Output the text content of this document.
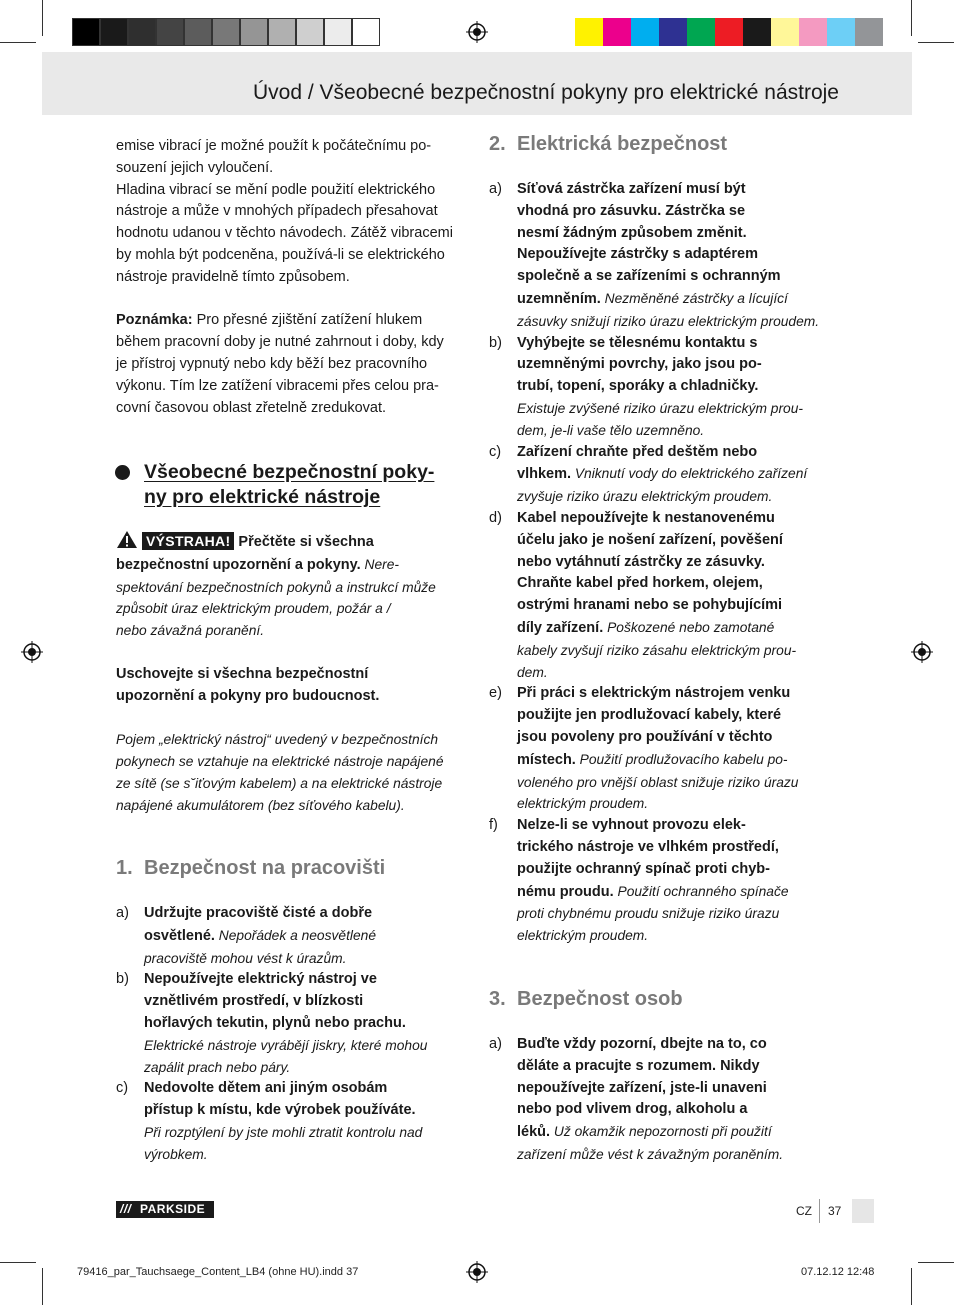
Úvod / Všeobecné bezpečnostní pokyny pro elektrické nástroje

emise vibrací je možné použít k počátečnímu po-

souzení jejich vyloučení.

Hladina vibrací se mění podle použití elektrického

nástroje a může v mnohých případech přesahovat

hodnotu udanou v těchto návodech. Zátěž vibracemi

by mohla být podceněna, používá-li se elektrického

nástroje pravidelně tímto způsobem.

Poznámka: Pro přesné zjištění zatížení hlukem

během pracovní doby je nutné zahrnout i doby, kdy

je přístroj vypnutý nebo kdy běží bez pracovního

výkonu. Tím lze zatížení vibracemi přes celou pra-

covní časovou oblast zřetelně zredukovat.

Všeobecné bezpečnostní poky-
ny pro elektrické nástroje

VÝSTRAHA! Přečtěte si všechna

bezpečnostní upozornění a pokyny. Nere-

spektování bezpečnostních pokynů a instrukcí může

způsobit úraz elektrickým proudem, požár a /

nebo závažná poranění.

Uschovejte si všechna bezpečnostní

upozornění a pokyny pro budoucnost.

Pojem „elektrický nástroj“ uvedený v bezpečnostních

pokynech se vztahuje na elektrické nástroje napájené

ze sítě (se s˘iťovým kabelem) a na elektrické nástroje

napájené akumulátorem (bez síťového kabelu).

1. Bezpečnost na pracovišti
a) Udržujte pracoviště čisté a dobře

osvětlené. Nepořádek a neosvětlené

pracoviště mohou vést k úrazům.

b) Nepoužívejte elektrický nástroj ve

vznětlivém prostředí, v blízkosti

hořlavých tekutin, plynů nebo prachu.

Elektrické nástroje vyrábějí jiskry, které mohou

zapálit prach nebo páry.

c) Nedovolte dětem ani jiným osobám

přístup k místu, kde výrobek používáte.

Při rozptýlení by jste mohli ztratit kontrolu nad

výrobkem.

2. Elektrická bezpečnost
a) Síťová zástrčka zařízení musí být

vhodná pro zásuvku. Zástrčka se

nesmí žádným způsobem změnit.

Nepoužívejte zástrčky s adaptérem

společně a se zařízeními s ochranným

uzemněním. Nezměněné zástrčky a lícující

zásuvky snižují riziko úrazu elektrickým proudem.

b) Vyhýbejte se tělesnému kontaktu s

uzemněnými povrchy, jako jsou po-

trubí, topení, sporáky a chladničky.

Existuje zvýšené riziko úrazu elektrickým prou-

dem, je-li vaše tělo uzemněno.

c) Zařízení chraňte před deštěm nebo

vlhkem. Vniknutí vody do elektrického zařízení

zvyšuje riziko úrazu elektrickým proudem.

d) Kabel nepoužívejte k nestanovenému

účelu jako je nošení zařízení, pověšení

nebo vytáhnutí zástrčky ze zásuvky.

Chraňte kabel před horkem, olejem,

ostrými hranami nebo se pohybujícími

díly zařízení. Poškozené nebo zamotané

kabely zvyšují riziko zásahu elektrickým prou-

dem.

e) Při práci s elektrickým nástrojem venku

použijte jen prodlužovací kabely, které

jsou povoleny pro používání v těchto

místech. Použití prodlužovacího kabelu po-

voleného pro vnější oblast snižuje riziko úrazu

elektrickým proudem.

f) Nelze-li se vyhnout provozu elek-

trického nástroje ve vlhkém prostředí,

použijte ochranný spínač proti chyb-

nému proudu. Použití ochranného spínače

proti chybnému proudu snižuje riziko úrazu

elektrickým proudem.

3. Bezpečnost osob
a) Buďte vždy pozorní, dbejte na to, co

děláte a pracujte s rozumem. Nikdy

nepoužívejte zařízení, jste-li unaveni

nebo pod vlivem drog, alkoholu a

léků. Už okamžik nepozornosti při použití

zařízení může vést k závažným poraněním.

/// PARKSIDE	CZ 37
79416_par_Tauchsaege_Content_LB4 (ohne HU).indd 37	07.12.12 12:48
